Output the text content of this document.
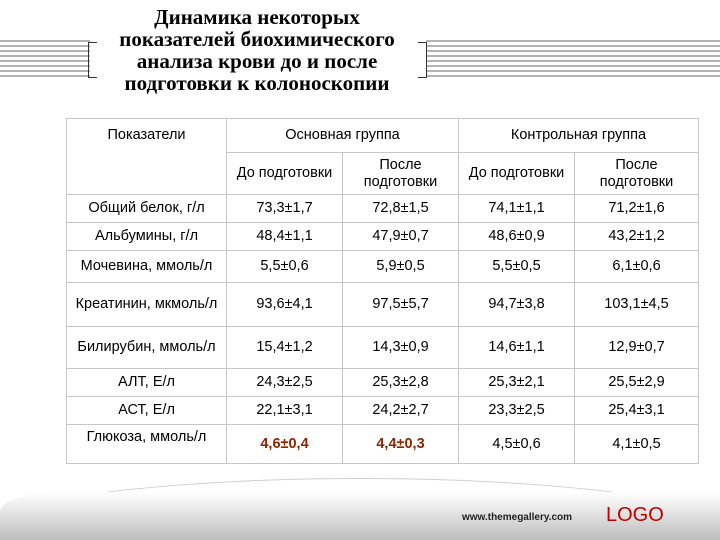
Динамика некоторых
показателей биохимического
анализа крови до и после
подготовки к колоноскопии
Показатели	Основная группа		Контрольная группа	
	До подготовки	После подготовки	До подготовки	После подготовки
Общий белок, г/л	73,3±1,7	72,8±1,5	74,1±1,1	71,2±1,6
Альбумины, г/л	48,4±1,1	47,9±0,7	48,6±0,9	43,2±1,2
Мочевина, ммоль/л	5,5±0,6	5,9±0,5	5,5±0,5	6,1±0,6
Креатинин, мкмоль/л	93,6±4,1	97,5±5,7	94,7±3,8	103,1±4,5
Билирубин, ммоль/л	15,4±1,2	14,3±0,9	14,6±1,1	12,9±0,7
АЛТ, Е/л	24,3±2,5	25,3±2,8	25,3±2,1	25,5±2,9
АСТ, Е/л	22,1±3,1	24,2±2,7	23,3±2,5	25,4±3,1
Глюкоза, ммоль/л	4,6±0,4	4,4±0,3	4,5±0,6	4,1±0,5
www.themegallery.com LOGO
